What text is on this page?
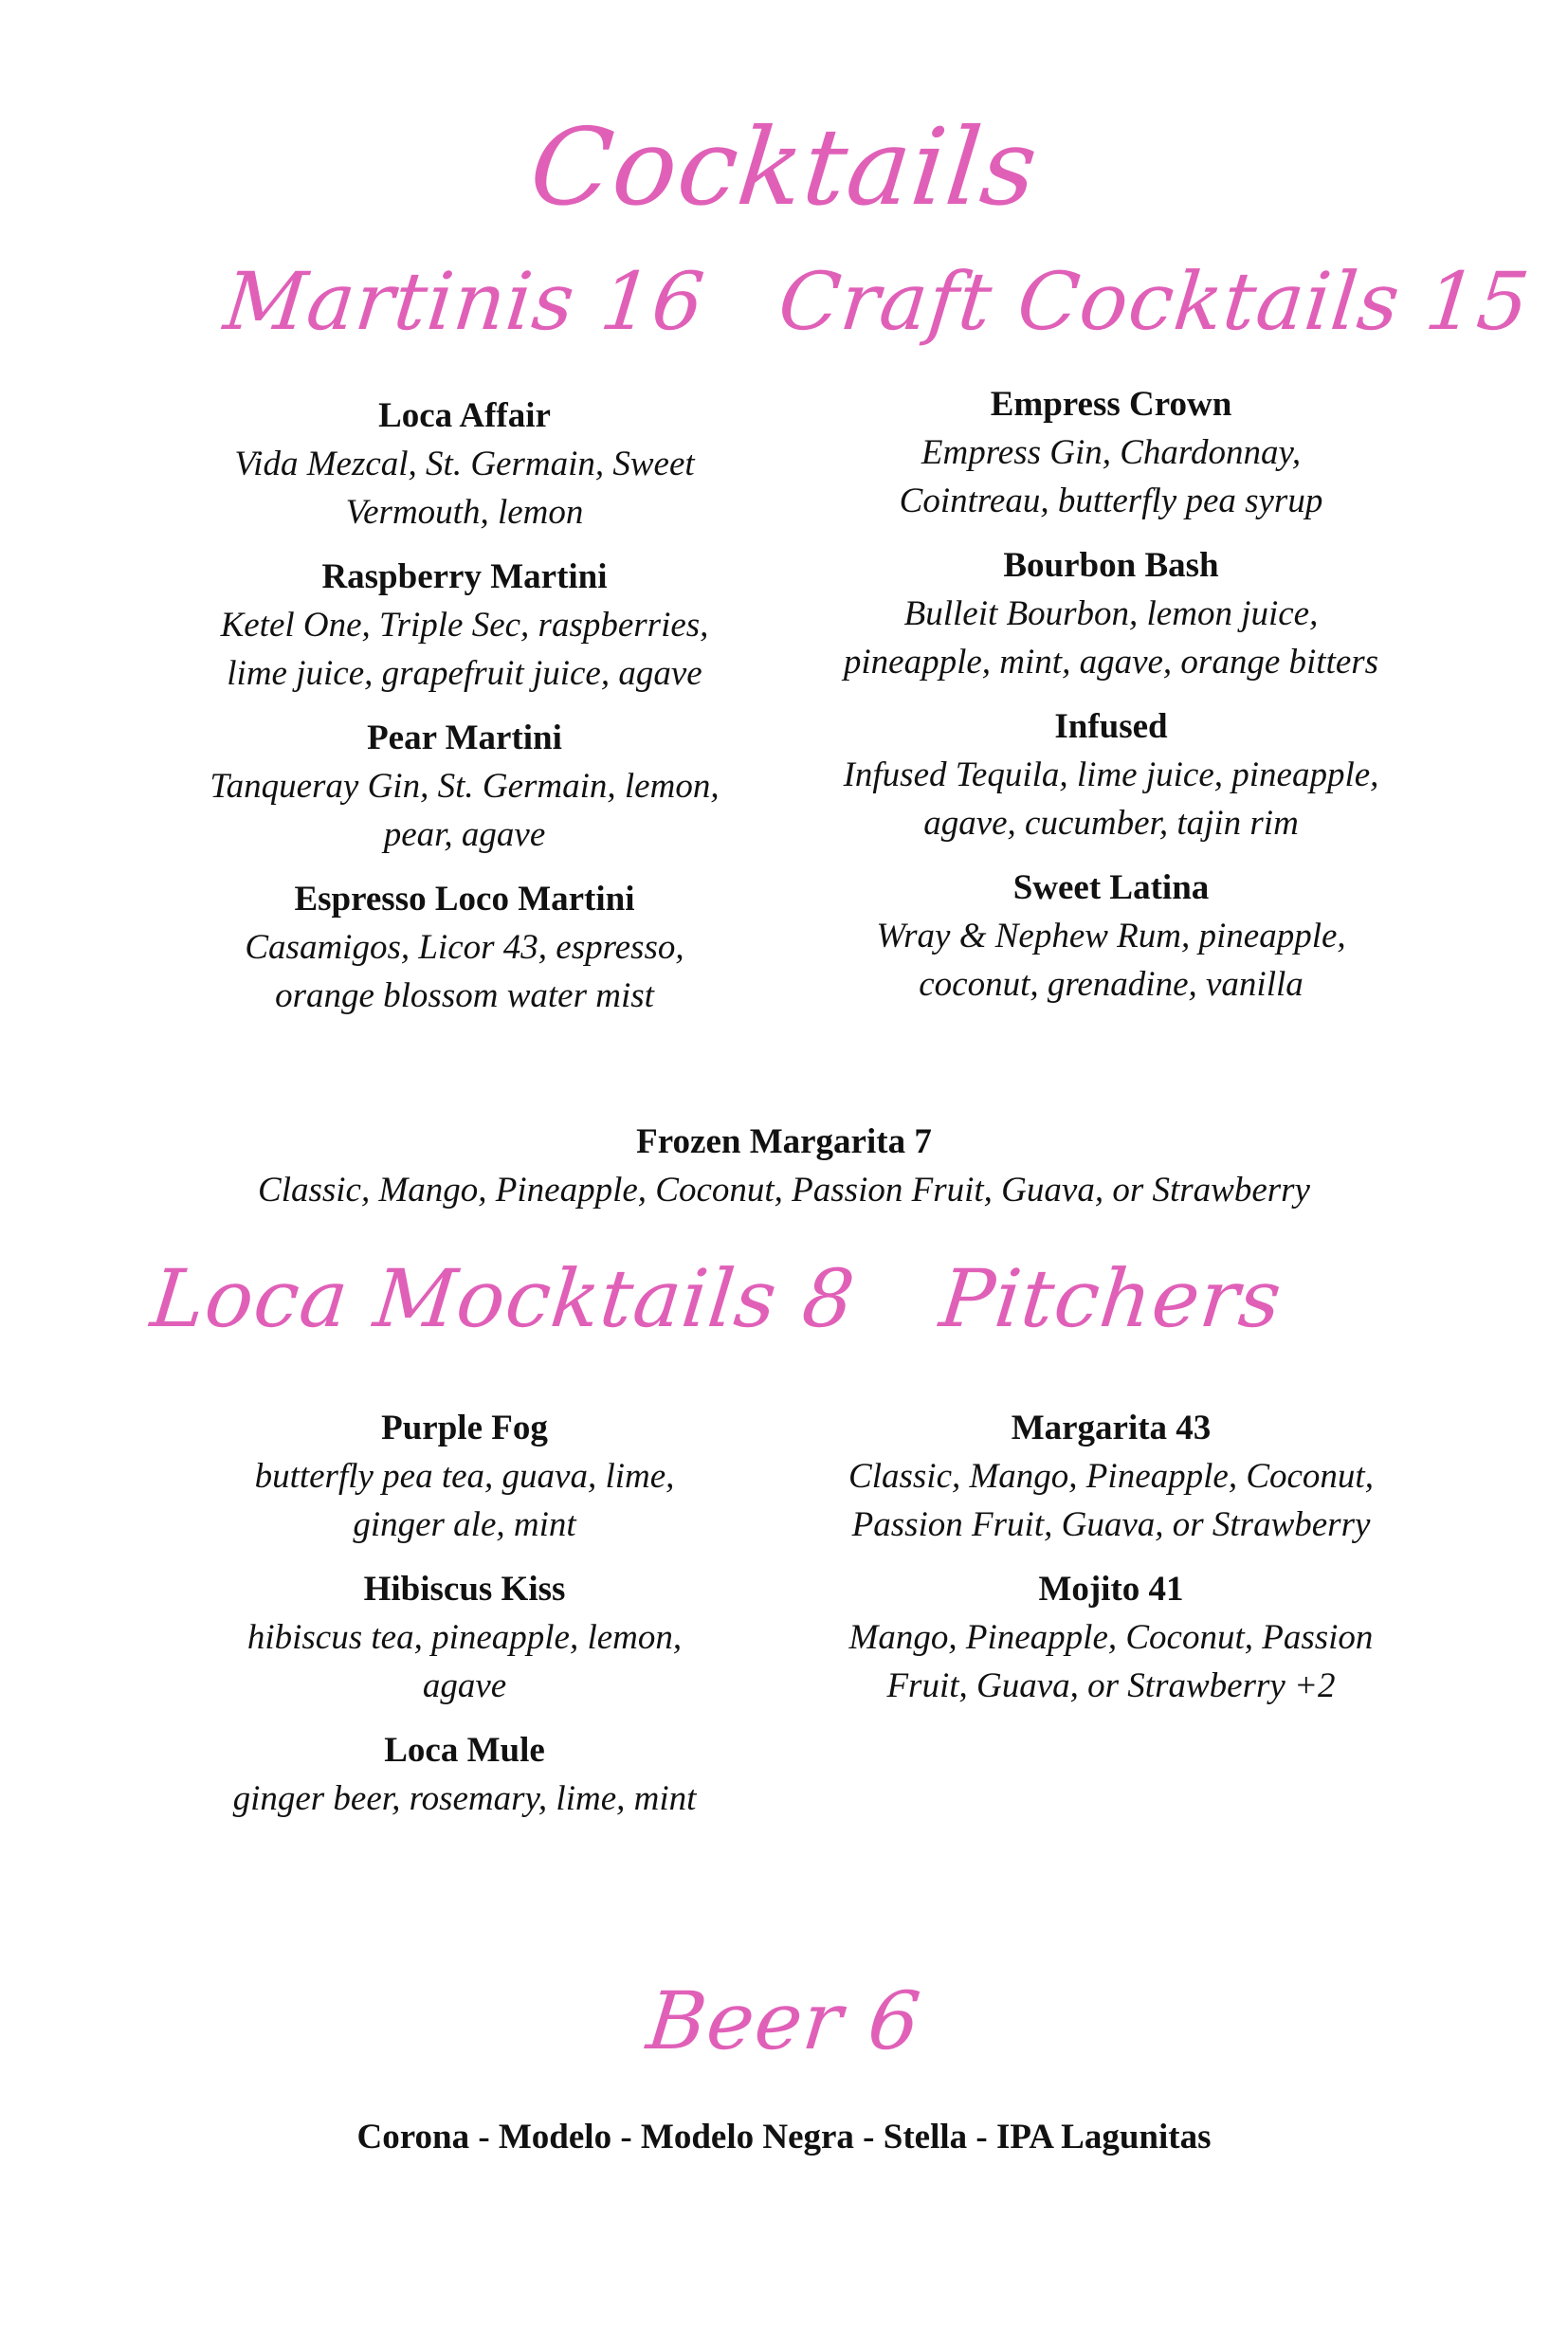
Cocktails
Martinis 16

Loca Affair

Vida Mezcal, St. Germain, Sweet

Vermouth, lemon

Raspberry Martini

Ketel One, Triple Sec, raspberries,

lime juice, grapefruit juice, agave

Pear Martini

Tanqueray Gin, St. Germain, lemon,

pear, agave

Espresso Loco Martini

Casamigos, Licor 43, espresso,

orange blossom water mist

Craft Cocktails 15

Empress Crown

Empress Gin, Chardonnay,

Cointreau, butterfly pea syrup

Bourbon Bash

Bulleit Bourbon, lemon juice,

pineapple, mint, agave, orange bitters

Infused

Infused Tequila, lime juice, pineapple,

agave, cucumber, tajin rim

Sweet Latina

Wray & Nephew Rum, pineapple,

coconut, grenadine, vanilla

Frozen Margarita 7

Classic, Mango, Pineapple, Coconut, Passion Fruit, Guava, or Strawberry

Loca Mocktails 8

Purple Fog

butterfly pea tea, guava, lime,

ginger ale, mint

Hibiscus Kiss

hibiscus tea, pineapple, lemon,

agave

Loca Mule

ginger beer, rosemary, lime, mint

Pitchers

Margarita 43

Classic, Mango, Pineapple, Coconut,

Passion Fruit, Guava, or Strawberry

Mojito 41

Mango, Pineapple, Coconut, Passion

Fruit, Guava, or Strawberry +2

Beer 6

Corona - Modelo - Modelo Negra - Stella - IPA Lagunitas
